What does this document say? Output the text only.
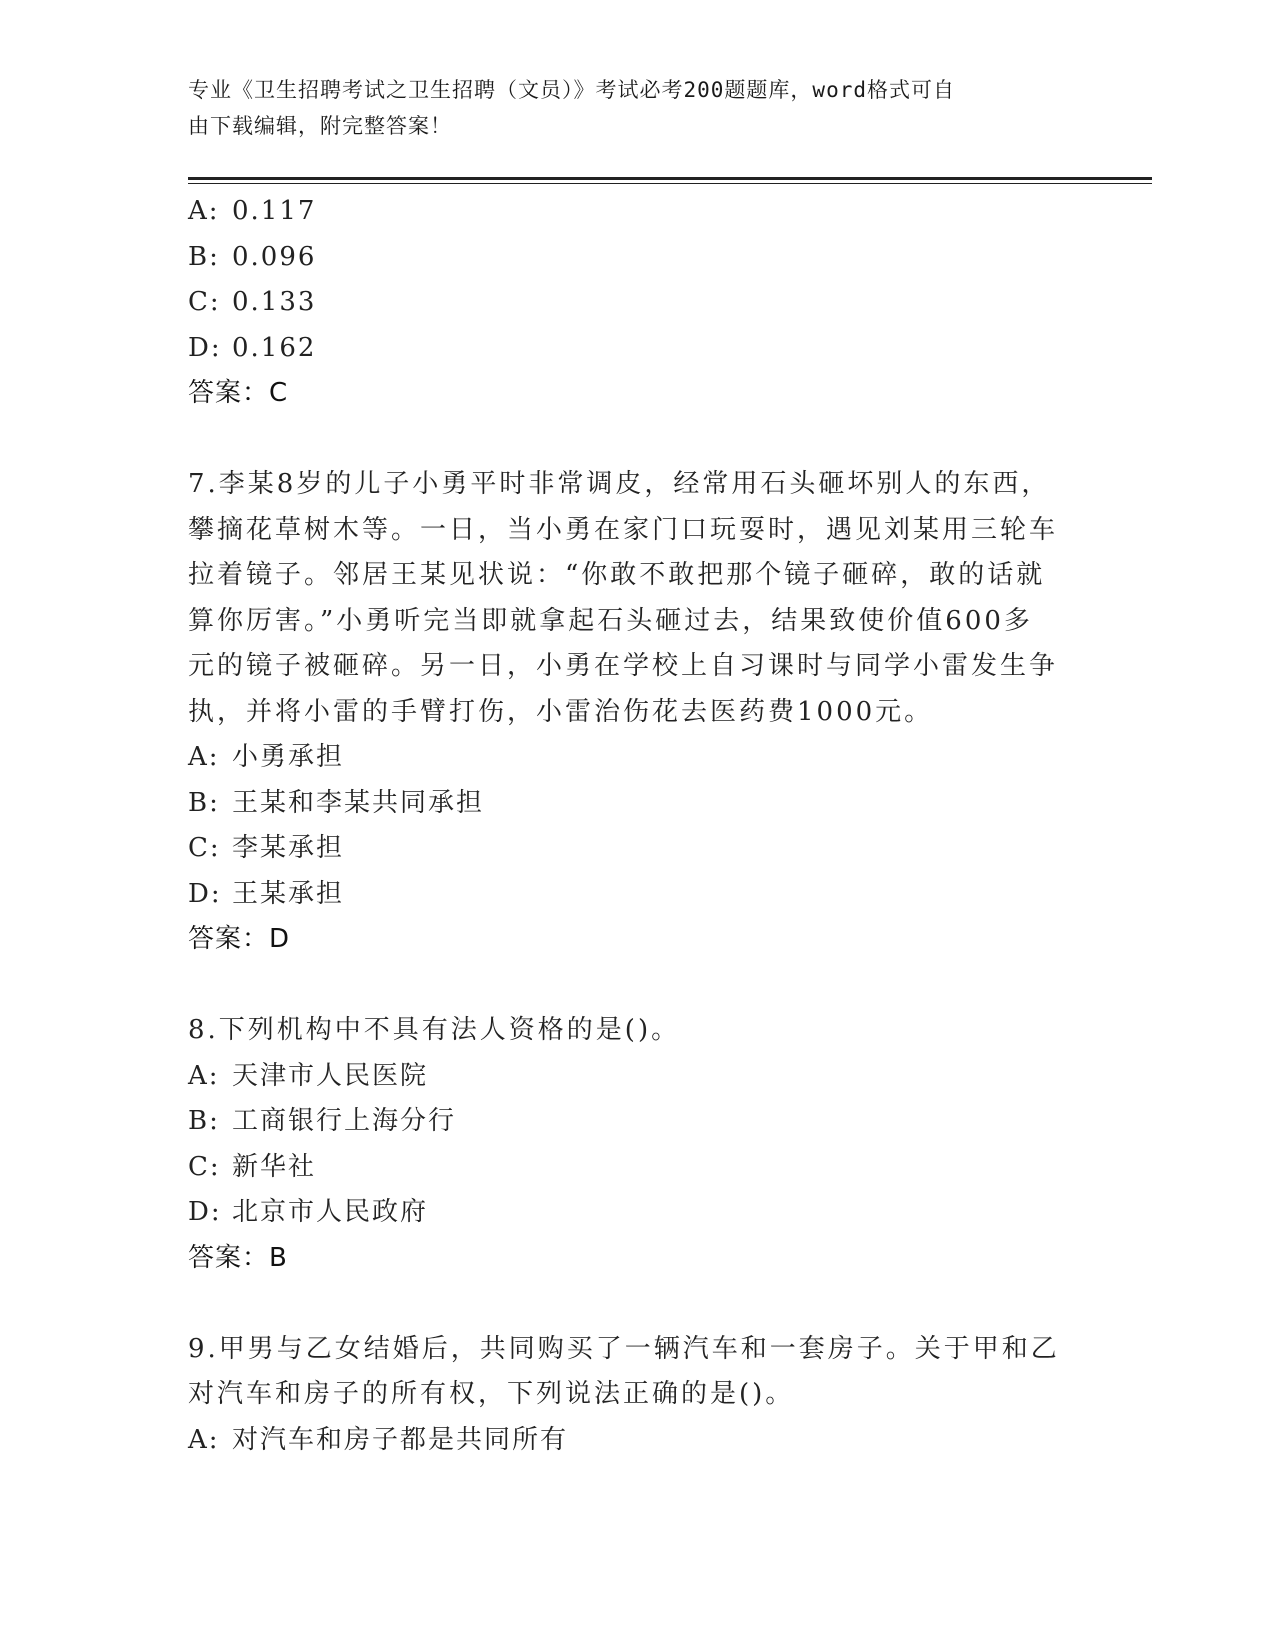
专业《卫生招聘考试之卫生招聘（文员）》考试必考200题题库，word格式可自
由下载编辑，附完整答案！
A: 0.117
B: 0.096
C: 0.133
D: 0.162
答案：C
7.李某8岁的儿子小勇平时非常调皮，经常用石头砸坏别人的东西，
攀摘花草树木等。一日，当小勇在家门口玩耍时，遇见刘某用三轮车
拉着镜子。邻居王某见状说：“你敢不敢把那个镜子砸碎，敢的话就
算你厉害。”小勇听完当即就拿起石头砸过去，结果致使价值600多
元的镜子被砸碎。另一日，小勇在学校上自习课时与同学小雷发生争
执，并将小雷的手臂打伤，小雷治伤花去医药费1000元。
A: 小勇承担
B: 王某和李某共同承担
C: 李某承担
D: 王某承担
答案：D
8.下列机构中不具有法人资格的是()。
A: 天津市人民医院
B: 工商银行上海分行
C: 新华社
D: 北京市人民政府
答案：B
9.甲男与乙女结婚后，共同购买了一辆汽车和一套房子。关于甲和乙
对汽车和房子的所有权，下列说法正确的是()。
A: 对汽车和房子都是共同所有
